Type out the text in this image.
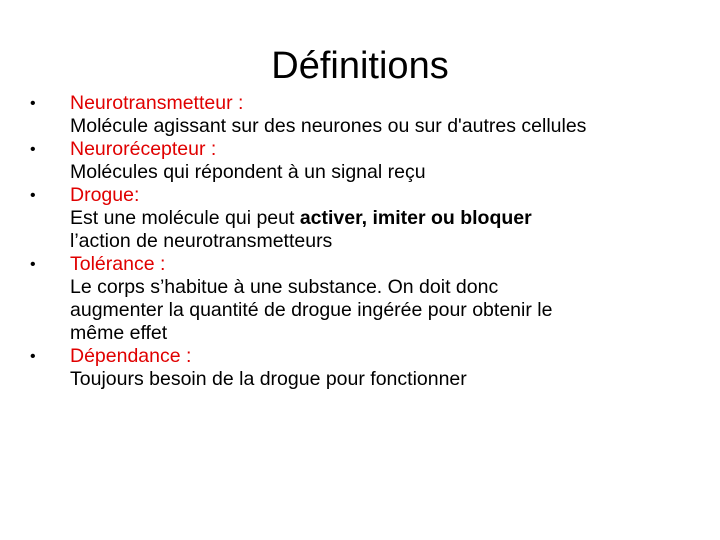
Définitions
•	Neurotransmetteur :
Molécule agissant sur des neurones ou sur d'autres cellules
•	Neurorécepteur :
Molécules qui répondent à un signal reçu
•	Drogue:
Est une molécule qui peut activer, imiter ou bloquer
l’action de neurotransmetteurs
•	Tolérance :
Le corps s’habitue à une substance. On doit donc
augmenter la quantité de drogue ingérée pour obtenir le
même effet
•	Dépendance :
Toujours besoin de la drogue pour fonctionner
